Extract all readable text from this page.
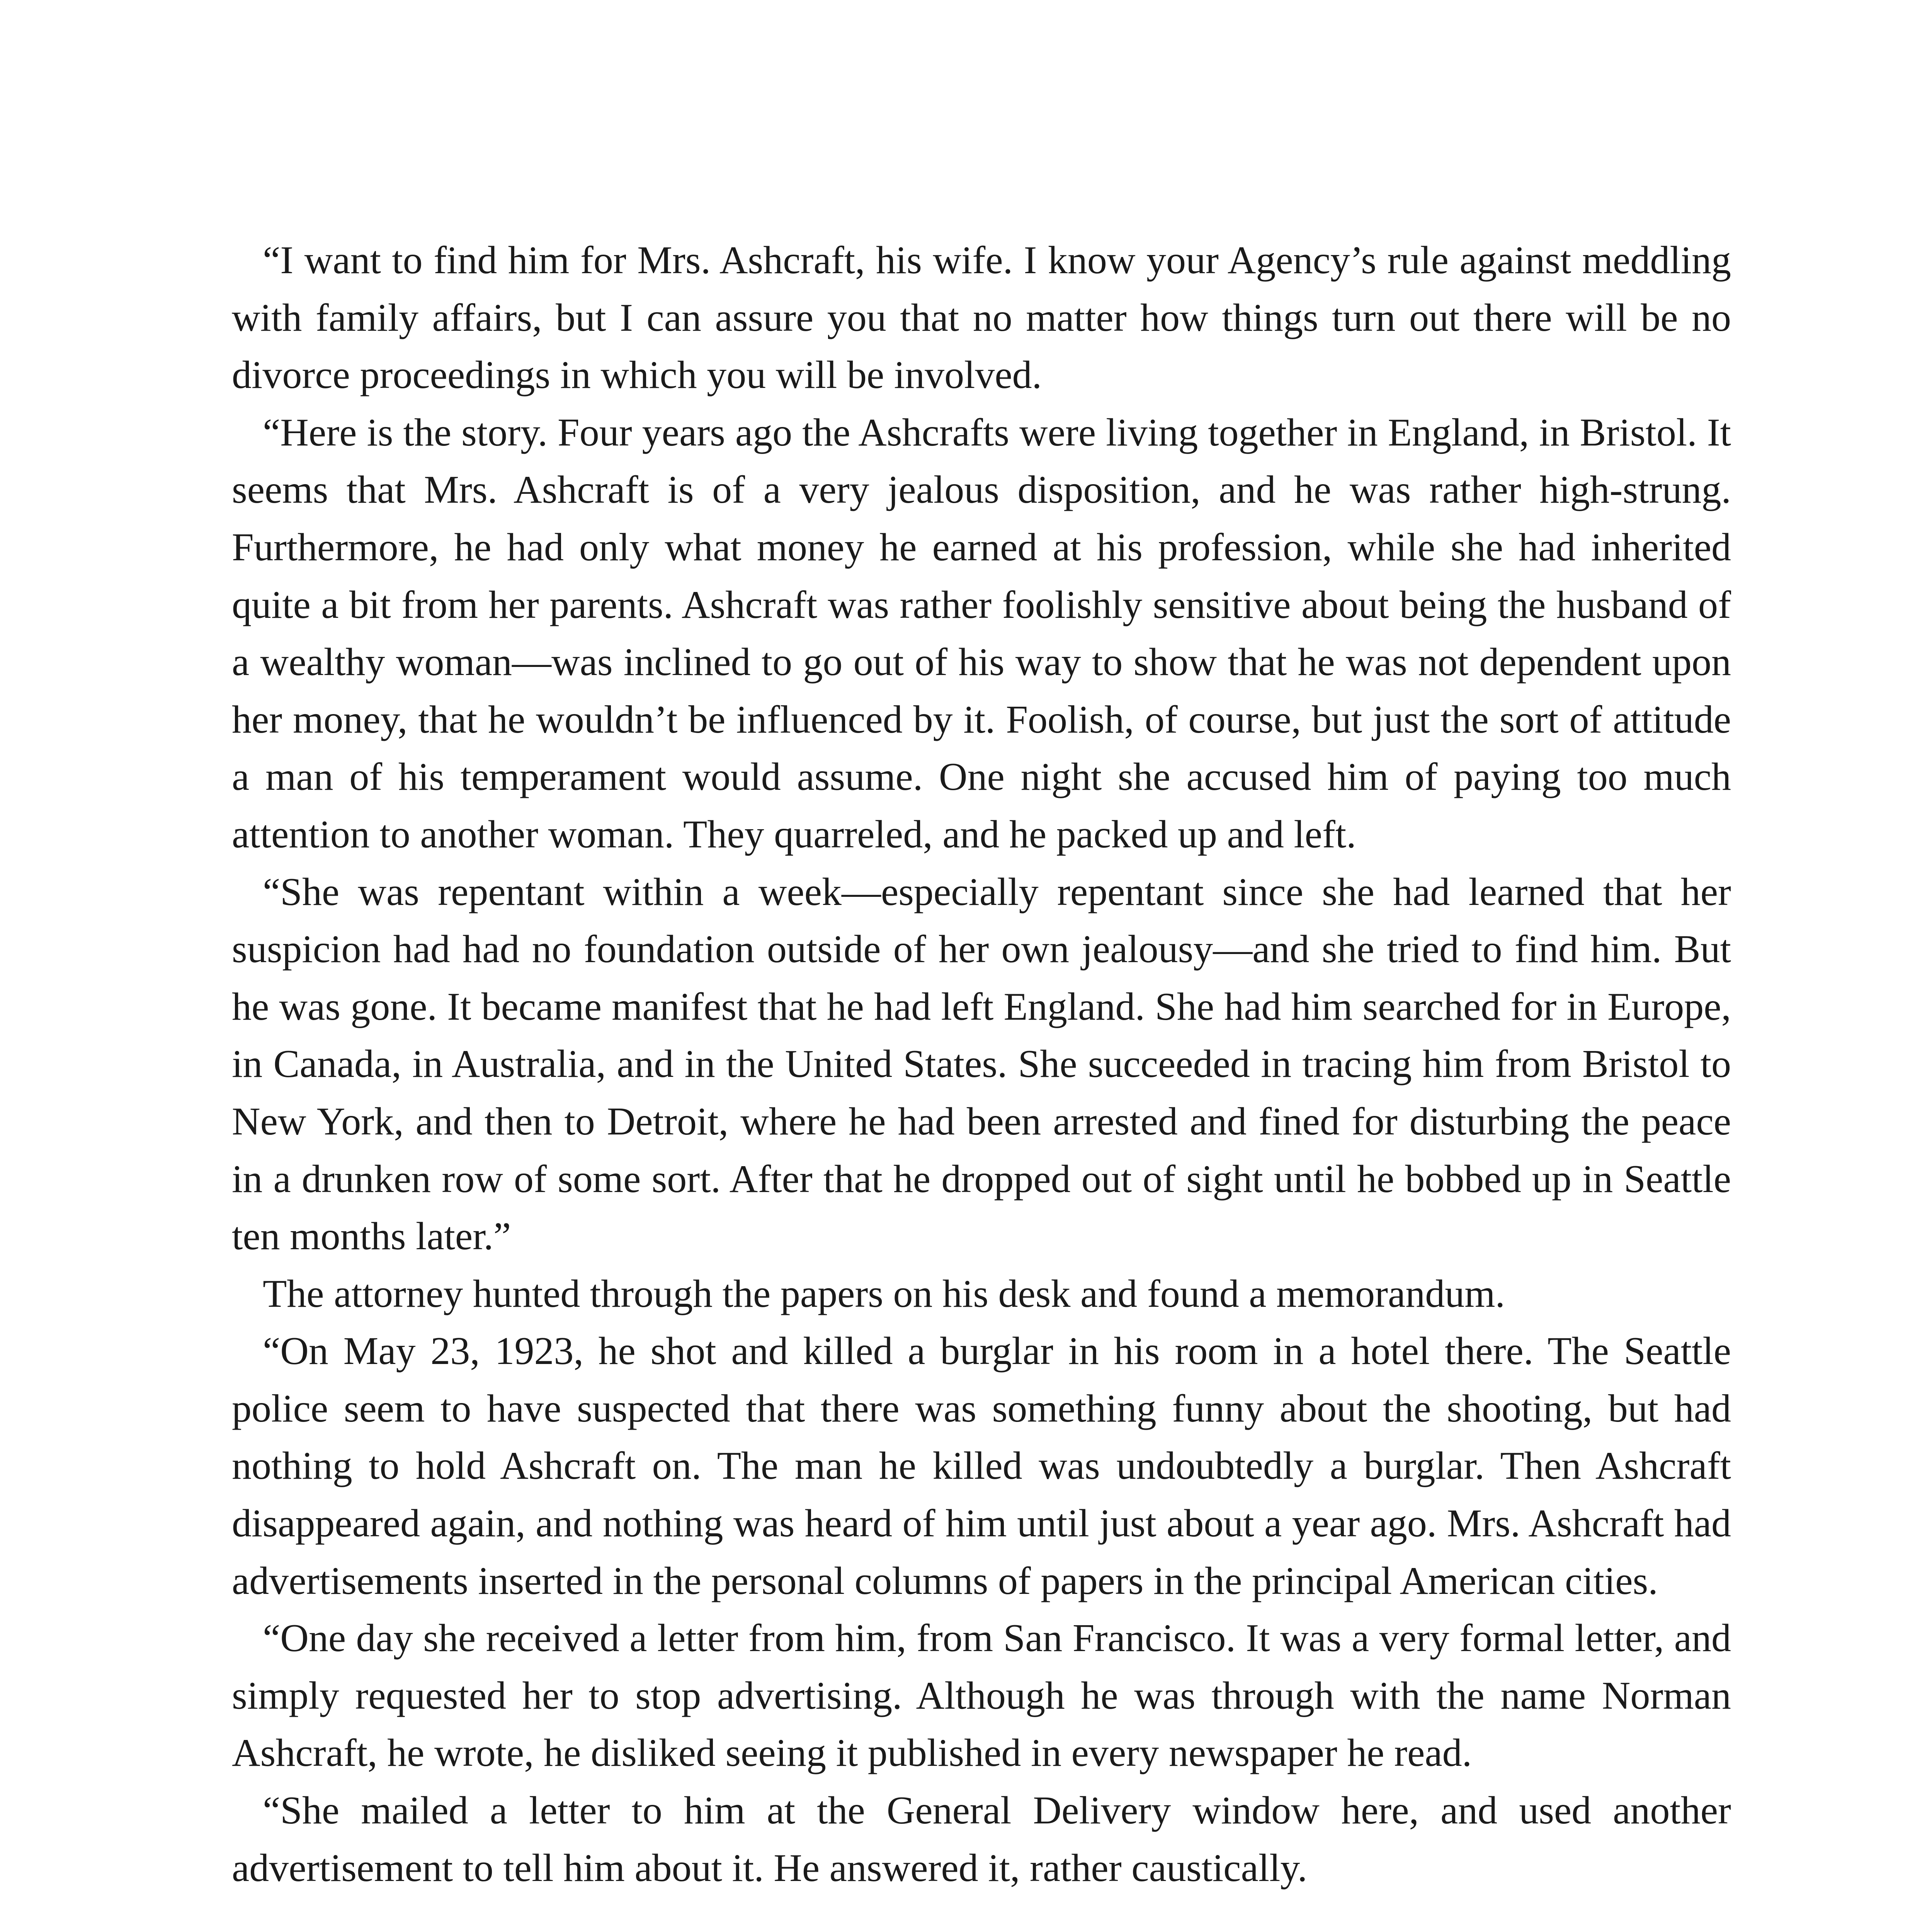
“I want to find him for Mrs. Ashcraft, his wife. I know your Agency’s rule against meddling with family affairs, but I can assure you that no matter how things turn out there will be no divorce proceedings in which you will be involved.

“Here is the story. Four years ago the Ashcrafts were living together in England, in Bristol. It seems that Mrs. Ashcraft is of a very jealous disposition, and he was rather high-strung. Furthermore, he had only what money he earned at his profession, while she had inherited quite a bit from her parents. Ashcraft was rather foolishly sensitive about being the husband of a wealthy woman—was inclined to go out of his way to show that he was not dependent upon her money, that he wouldn’t be influenced by it. Foolish, of course, but just the sort of attitude a man of his temperament would assume. One night she accused him of paying too much attention to another woman. They quarreled, and he packed up and left.

“She was repentant within a week—especially repentant since she had learned that her suspicion had had no foundation outside of her own jealousy—and she tried to find him. But he was gone. It became manifest that he had left England. She had him searched for in Europe, in Canada, in Australia, and in the United States. She succeeded in tracing him from Bristol to New York, and then to Detroit, where he had been arrested and fined for disturbing the peace in a drunken row of some sort. After that he dropped out of sight until he bobbed up in Seattle ten months later.”

The attorney hunted through the papers on his desk and found a memorandum.

“On May 23, 1923, he shot and killed a burglar in his room in a hotel there. The Seattle police seem to have suspected that there was something funny about the shooting, but had nothing to hold Ashcraft on. The man he killed was undoubtedly a burglar. Then Ashcraft disappeared again, and nothing was heard of him until just about a year ago. Mrs. Ashcraft had advertisements inserted in the personal columns of papers in the principal American cities.

“One day she received a letter from him, from San Francisco. It was a very formal letter, and simply requested her to stop advertising. Although he was through with the name Norman Ashcraft, he wrote, he disliked seeing it published in every newspaper he read.

“She mailed a letter to him at the General Delivery window here, and used another advertisement to tell him about it. He answered it, rather caustically.
